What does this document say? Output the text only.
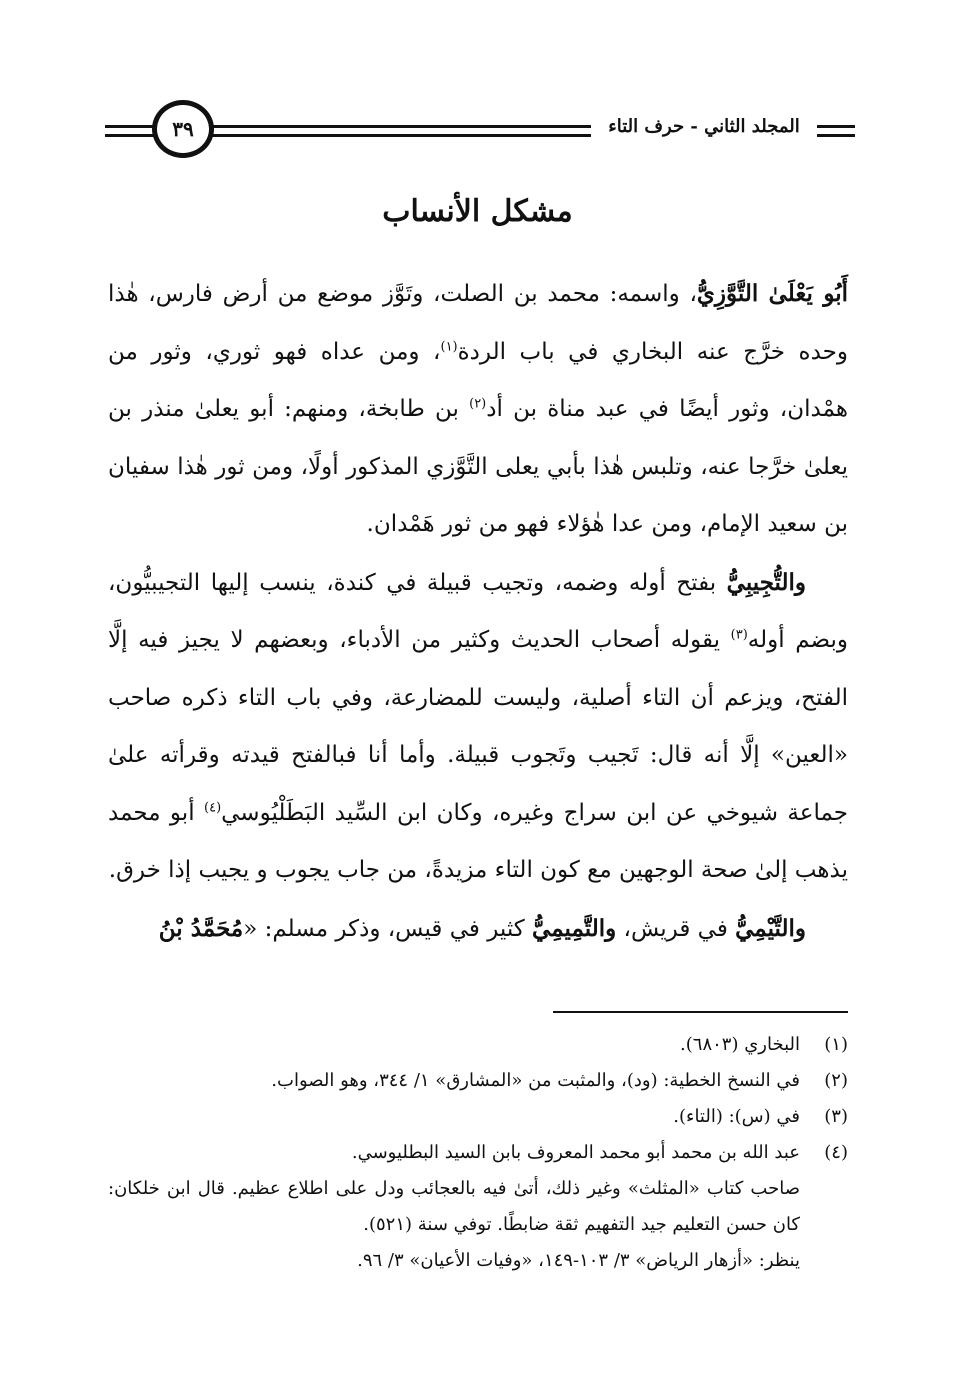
٣٩	المجلد الثاني - حرف التاء
مشكل الأنساب

أَبُو يَعْلَىٰ التَّوَّزِيُّ، واسمه: محمد بن الصلت، وتَوَّز موضع من أرض فارس، هٰذا وحده خرَّج عنه البخاري في باب الردة$^{(١)}$، ومن عداه فهو ثوري، وثور من همْدان، وثور أيضًا في عبد مناة بن أد$^{(٢)}$ بن طابخة، ومنهم: أبو يعلىٰ منذر بن يعلىٰ خرَّجا عنه، وتلبس هٰذا بأبي يعلى التَّوَّزي المذكور أولًا، ومن ثور هٰذا سفيان بن سعيد الإمام، ومن عدا هٰؤلاء فهو من ثور هَمْدان.

والتُّجِيبِيُّ بفتح أوله وضمه، وتجيب قبيلة في كندة، ينسب إليها التجيبيُّون، وبضم أوله$^{(٣)}$ يقوله أصحاب الحديث وكثير من الأدباء، وبعضهم لا يجيز فيه إلَّا الفتح، ويزعم أن التاء أصلية، وليست للمضارعة، وفي باب التاء ذكره صاحب «العين» إلَّا أنه قال: تَجيب وتَجوب قبيلة. وأما أنا فبالفتح قيدته وقرأته علىٰ جماعة شيوخي عن ابن سراج وغيره، وكان ابن السِّيد البَطَلْيُوسي$^{(٤)}$ أبو محمد يذهب إلىٰ صحة الوجهين مع كون التاء مزيدةً، من جاب يجوب و يجيب إذا خرق.

والتَّيْمِيُّ في قريش، والتَّمِيمِيُّ كثير في قيس، وذكر مسلم: «مُحَمَّدُ بْنُ

(١)
البخاري (٦٨٠٣).
(٢)
في النسخ الخطية: (ود)، والمثبت من «المشارق» ١/ ٣٤٤، وهو الصواب.
(٣)
في (س): (التاء).
(٤)
عبد الله بن محمد أبو محمد المعروف بابن السيد البطليوسي.
صاحب كتاب «المثلث» وغير ذلك، أتىٰ فيه بالعجائب ودل على اطلاع عظيم. قال ابن خلكان: كان حسن التعليم جيد التفهيم ثقة ضابطًا. توفي سنة (٥٢١).
ينظر: «أزهار الرياض» ٣/ ١٠٣-١٤٩، «وفيات الأعيان» ٣/ ٩٦.
